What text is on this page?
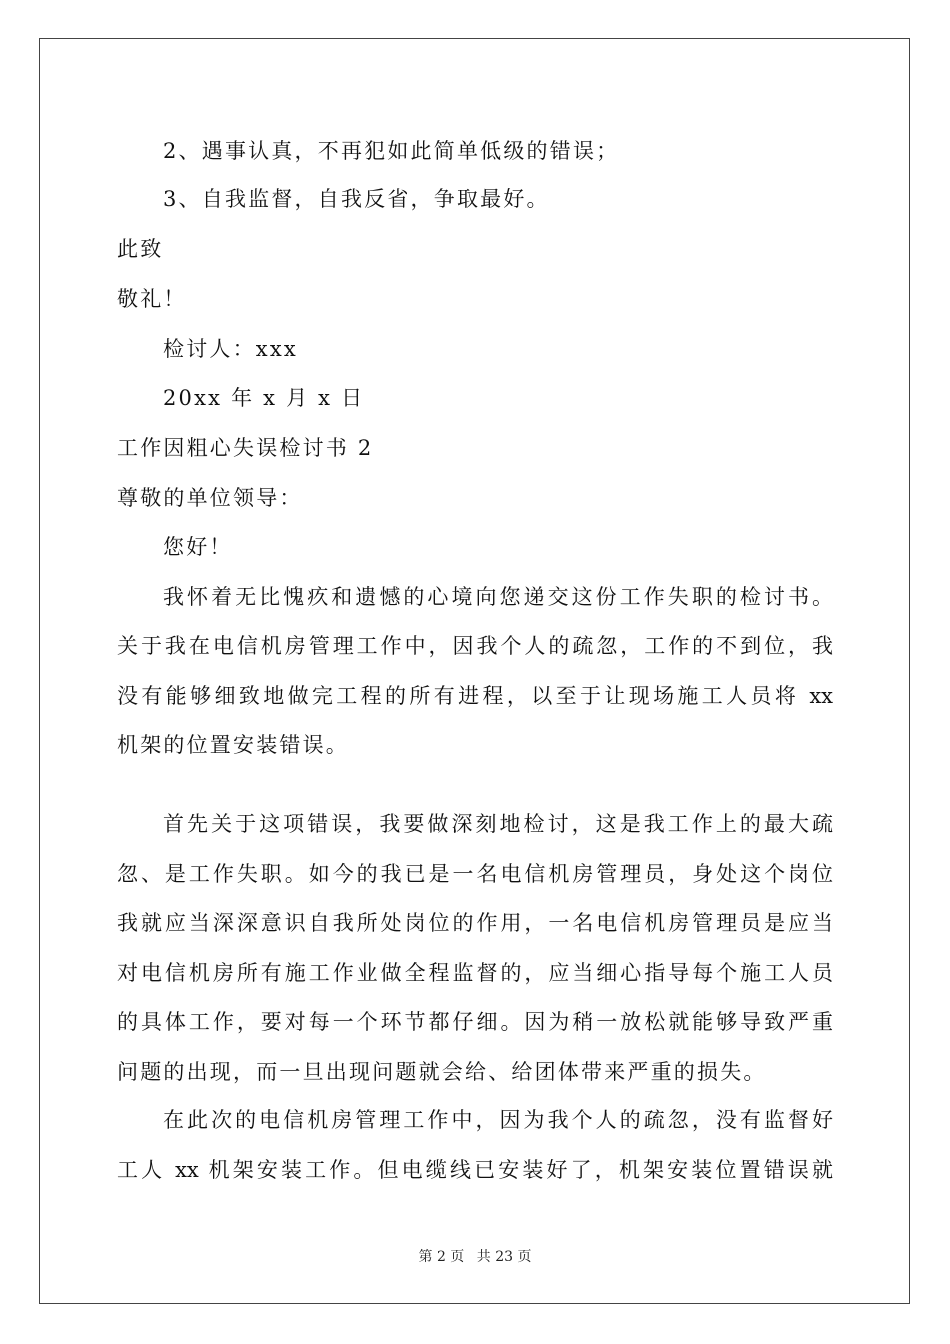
2、遇事认真，不再犯如此简单低级的错误；
3、自我监督，自我反省，争取最好。
此致
敬礼！
检讨人：xxx
20xx 年 x 月 x 日
工作因粗心失误检讨书 2
尊敬的单位领导：
您好！
我怀着无比愧疚和遗憾的心境向您递交这份工作失职的检讨书。
关于我在电信机房管理工作中，因我个人的疏忽，工作的不到位，我
没有能够细致地做完工程的所有进程，以至于让现场施工人员将 xx
机架的位置安装错误。
首先关于这项错误，我要做深刻地检讨，这是我工作上的最大疏
忽、是工作失职。如今的我已是一名电信机房管理员，身处这个岗位
我就应当深深意识自我所处岗位的作用，一名电信机房管理员是应当
对电信机房所有施工作业做全程监督的，应当细心指导每个施工人员
的具体工作，要对每一个环节都仔细。因为稍一放松就能够导致严重
问题的出现，而一旦出现问题就会给、给团体带来严重的损失。
在此次的电信机房管理工作中，因为我个人的疏忽，没有监督好
工人 xx 机架安装工作。但电缆线已安装好了，机架安装位置错误就
第 2 页 共 23 页
